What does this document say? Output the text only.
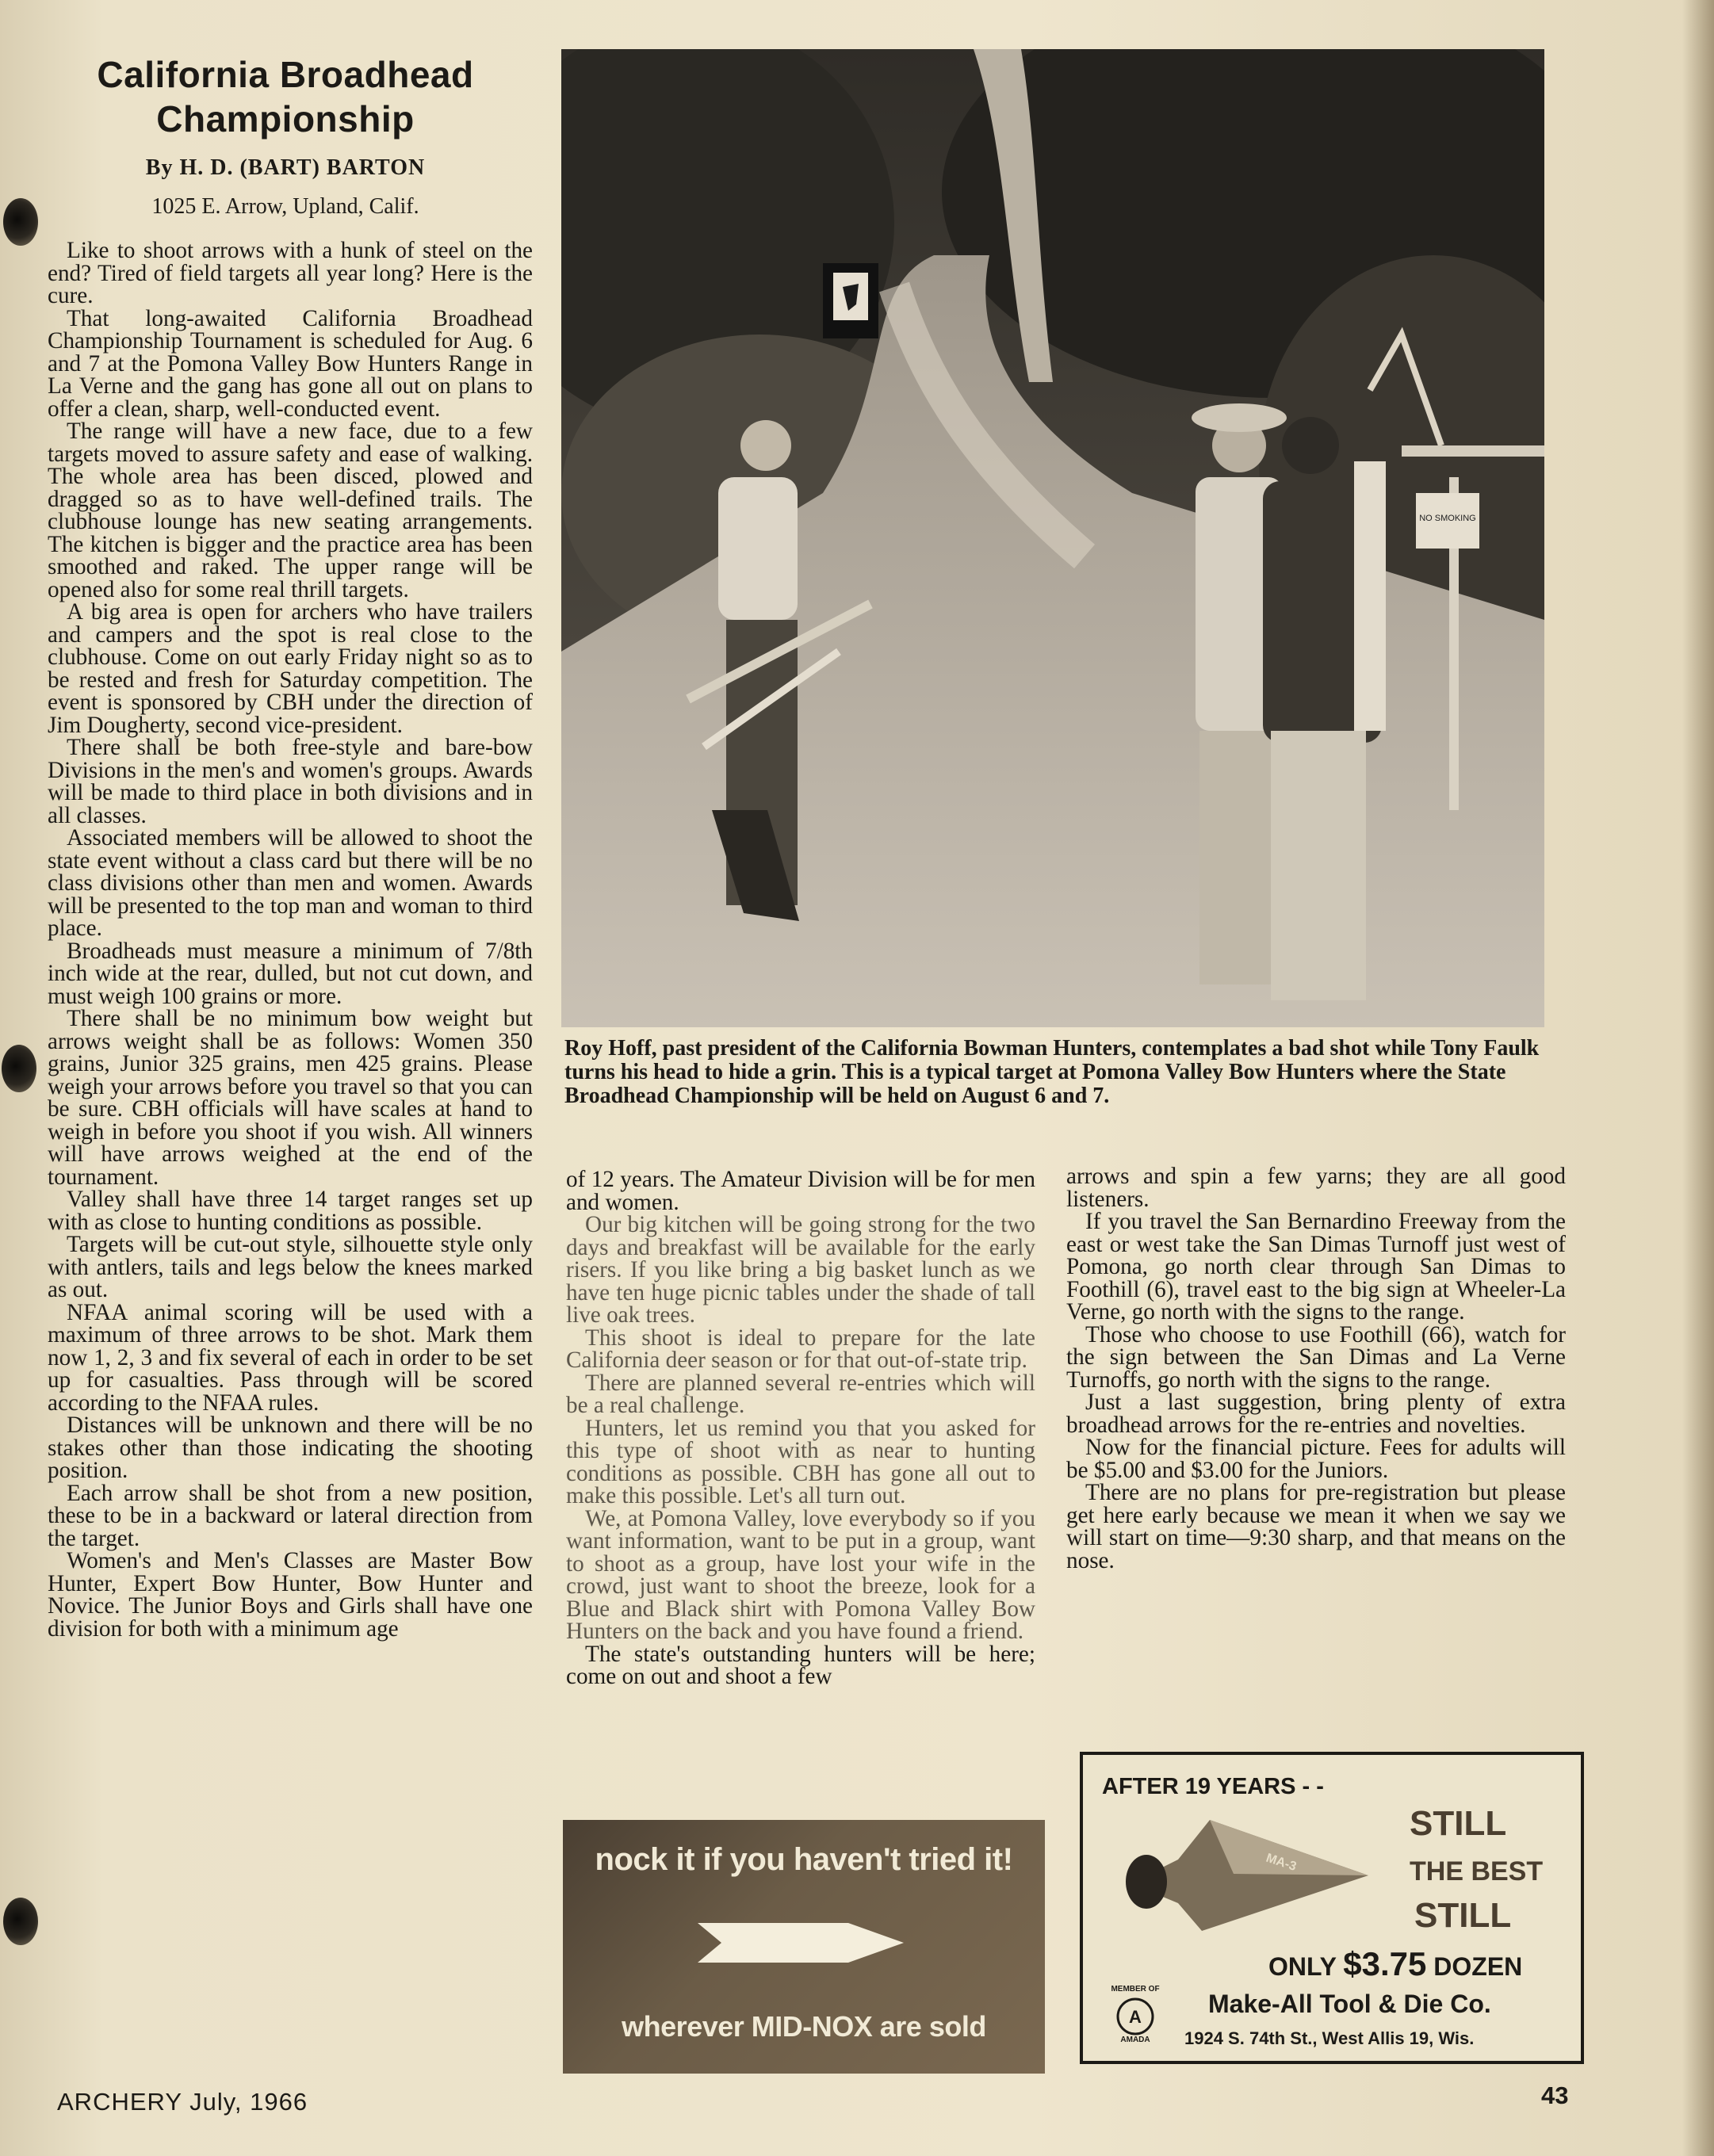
California Broadhead
Championship

By H. D. (BART) BARTON

1025 E. Arrow, Upland, Calif.

Like to shoot arrows with a hunk of steel on the end? Tired of field targets all year long? Here is the cure.

That long-awaited California Broadhead Championship Tournament is scheduled for Aug. 6 and 7 at the Pomona Valley Bow Hunters Range in La Verne and the gang has gone all out on plans to offer a clean, sharp, well-conducted event.

The range will have a new face, due to a few targets moved to assure safety and ease of walking. The whole area has been disced, plowed and dragged so as to have well-defined trails. The clubhouse lounge has new seating arrangements. The kitchen is bigger and the practice area has been smoothed and raked. The upper range will be opened also for some real thrill targets.

A big area is open for archers who have trailers and campers and the spot is real close to the clubhouse. Come on out early Friday night so as to be rested and fresh for Saturday competition. The event is sponsored by CBH under the direction of Jim Dougherty, second vice-president.

There shall be both free-style and bare-bow Divisions in the men's and women's groups. Awards will be made to third place in both divisions and in all classes.

Associated members will be allowed to shoot the state event without a class card but there will be no class divisions other than men and women. Awards will be presented to the top man and woman to third place.

Broadheads must measure a minimum of 7/8th inch wide at the rear, dulled, but not cut down, and must weigh 100 grains or more.

There shall be no minimum bow weight but arrows weight shall be as follows: Women 350 grains, Junior 325 grains, men 425 grains. Please weigh your arrows before you travel so that you can be sure. CBH officials will have scales at hand to weigh in before you shoot if you wish. All winners will have arrows weighed at the end of the tournament.

Valley shall have three 14 target ranges set up with as close to hunting conditions as possible.

Targets will be cut-out style, silhouette style only with antlers, tails and legs below the knees marked as out.

NFAA animal scoring will be used with a maximum of three arrows to be shot. Mark them now 1, 2, 3 and fix several of each in order to be set up for casualties. Pass through will be scored according to the NFAA rules.

Distances will be unknown and there will be no stakes other than those indicating the shooting position.

Each arrow shall be shot from a new position, these to be in a backward or lateral direction from the target.

Women's and Men's Classes are Master Bow Hunter, Expert Bow Hunter, Bow Hunter and Novice. The Junior Boys and Girls shall have one division for both with a minimum age

NO SMOKING

Roy Hoff, past president of the California Bowman Hunters, contemplates a bad shot while Tony Faulk turns his head to hide a grin. This is a typical target at Pomona Valley Bow Hunters where the State Broadhead Championship will be held on August 6 and 7.

of 12 years. The Amateur Division will be for men and women.

Our big kitchen will be going strong for the two days and breakfast will be available for the early risers. If you like bring a big basket lunch as we have ten huge picnic tables under the shade of tall live oak trees.

This shoot is ideal to prepare for the late California deer season or for that out-of-state trip.

There are planned several re-entries which will be a real challenge.

Hunters, let us remind you that you asked for this type of shoot with as near to hunting conditions as possible. CBH has gone all out to make this possible. Let's all turn out.

We, at Pomona Valley, love everybody so if you want information, want to be put in a group, want to shoot as a group, have lost your wife in the crowd, just want to shoot the breeze, look for a Blue and Black shirt with Pomona Valley Bow Hunters on the back and you have found a friend.

The state's outstanding hunters will be here; come on out and shoot a few

arrows and spin a few yarns; they are all good listeners.

If you travel the San Bernardino Freeway from the east or west take the San Dimas Turnoff just west of Pomona, go north clear through San Dimas to Foothill (6), travel east to the big sign at Wheeler-La Verne, go north with the signs to the range.

Those who choose to use Foothill (66), watch for the sign between the San Dimas and La Verne Turnoffs, go north with the signs to the range.

Just a last suggestion, bring plenty of extra broadhead arrows for the re-entries and novelties.

Now for the financial picture. Fees for adults will be $5.00 and $3.00 for the Juniors.

There are no plans for pre-registration but please get here early because we mean it when we say we will start on time—9:30 sharp, and that means on the nose.

nock it if you haven't tried it!
wherever MID-NOX are sold
AFTER 19 YEARS - -
MA-3
STILL
THE BEST
STILL
ONLY $3.75 DOZEN
MEMBER OF
A
AMADA
Make-All Tool & Die Co.
1924 S. 74th St., West Allis 19, Wis.
ARCHERY July, 1966	43
